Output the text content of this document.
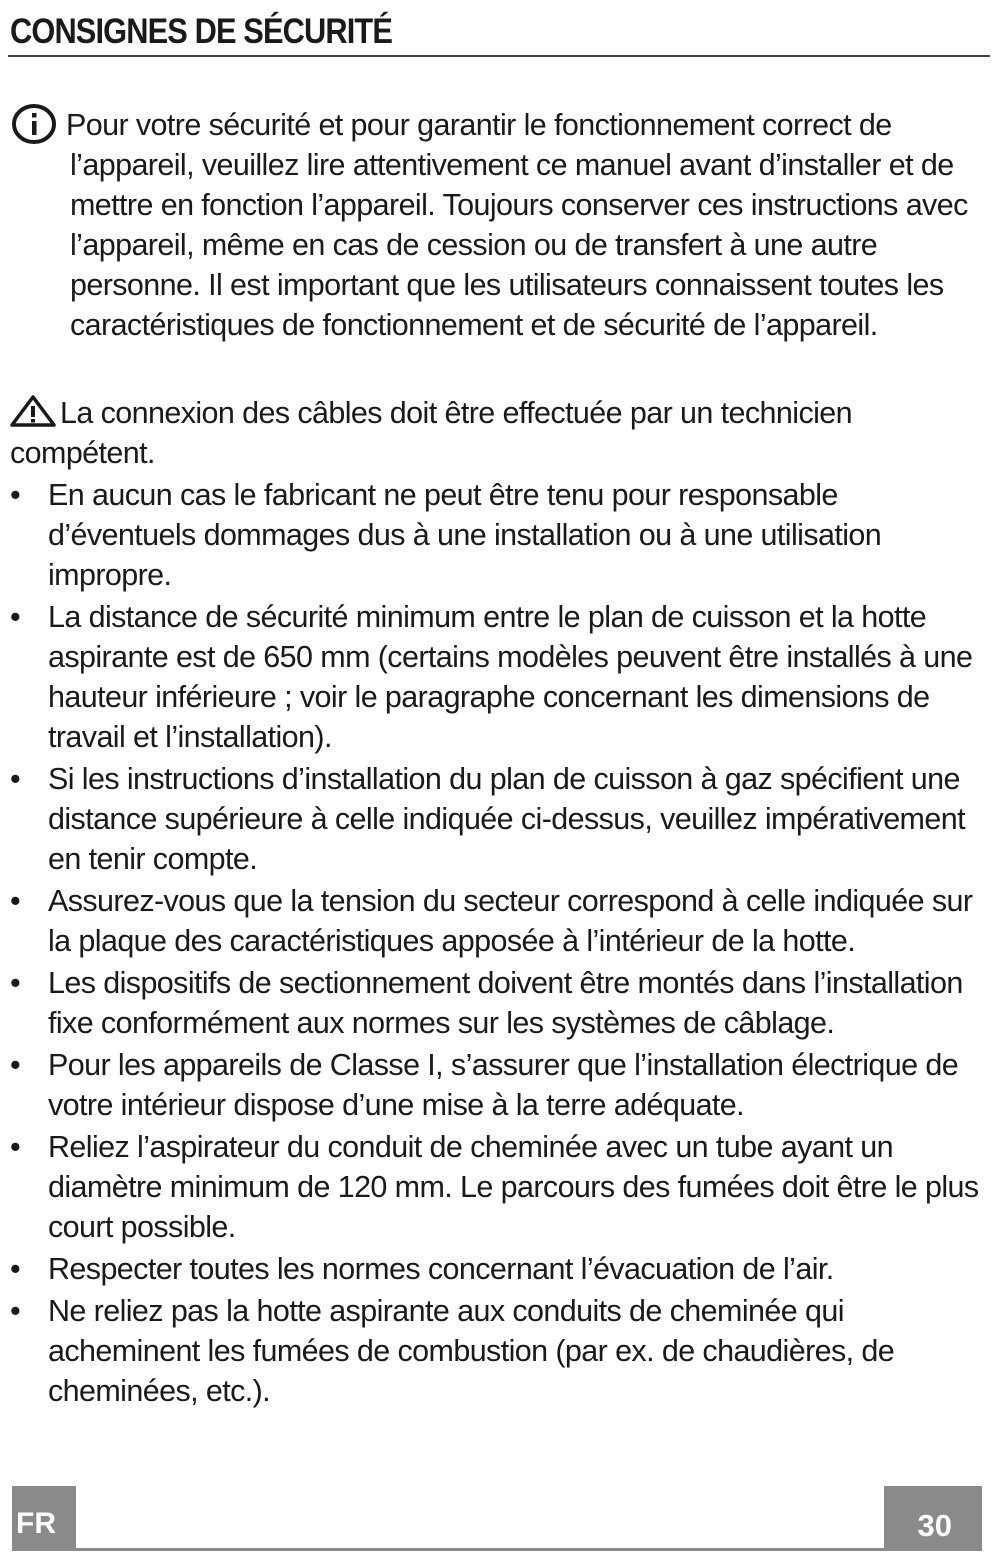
CONSIGNES DE SÉCURITÉ
Pour votre sécurité et pour garantir le fonctionnement correct de
l’appareil, veuillez lire attentivement ce manuel avant d’installer et de
mettre en fonction l’appareil. Toujours conserver ces instructions avec
l’appareil, même en cas de cession ou de transfert à une autre
personne. Il est important que les utilisateurs connaissent toutes les
caractéristiques de fonctionnement et de sécurité de l’appareil.
La connexion des câbles doit être effectuée par un technicien compétent.
• En aucun cas le fabricant ne peut être tenu pour responsable d’éventuels dommages dus à une installation ou à une utilisation impropre.
• La distance de sécurité minimum entre le plan de cuisson et la hotte aspirante est de 650 mm (certains modèles peuvent être installés à une hauteur inférieure ; voir le paragraphe concernant les dimensions de travail et l’installation).
• Si les instructions d’installation du plan de cuisson à gaz spécifient une distance supérieure à celle indiquée ci-dessus, veuillez impérativement en tenir compte.
• Assurez-vous que la tension du secteur correspond à celle indiquée sur la plaque des caractéristiques apposée à l’intérieur de la hotte.
• Les dispositifs de sectionnement doivent être montés dans l’installation fixe conformément aux normes sur les systèmes de câblage.
• Pour les appareils de Classe I, s’assurer que l’installation électrique de votre intérieur dispose d’une mise à la terre adéquate.
• Reliez l’aspirateur du conduit de cheminée avec un tube ayant un diamètre minimum de 120 mm. Le parcours des fumées doit être le plus court possible.
• Respecter toutes les normes concernant l’évacuation de l’air.
• Ne reliez pas la hotte aspirante aux conduits de cheminée qui acheminent les fumées de combustion (par ex. de chaudières, de cheminées, etc.).
FR	30
